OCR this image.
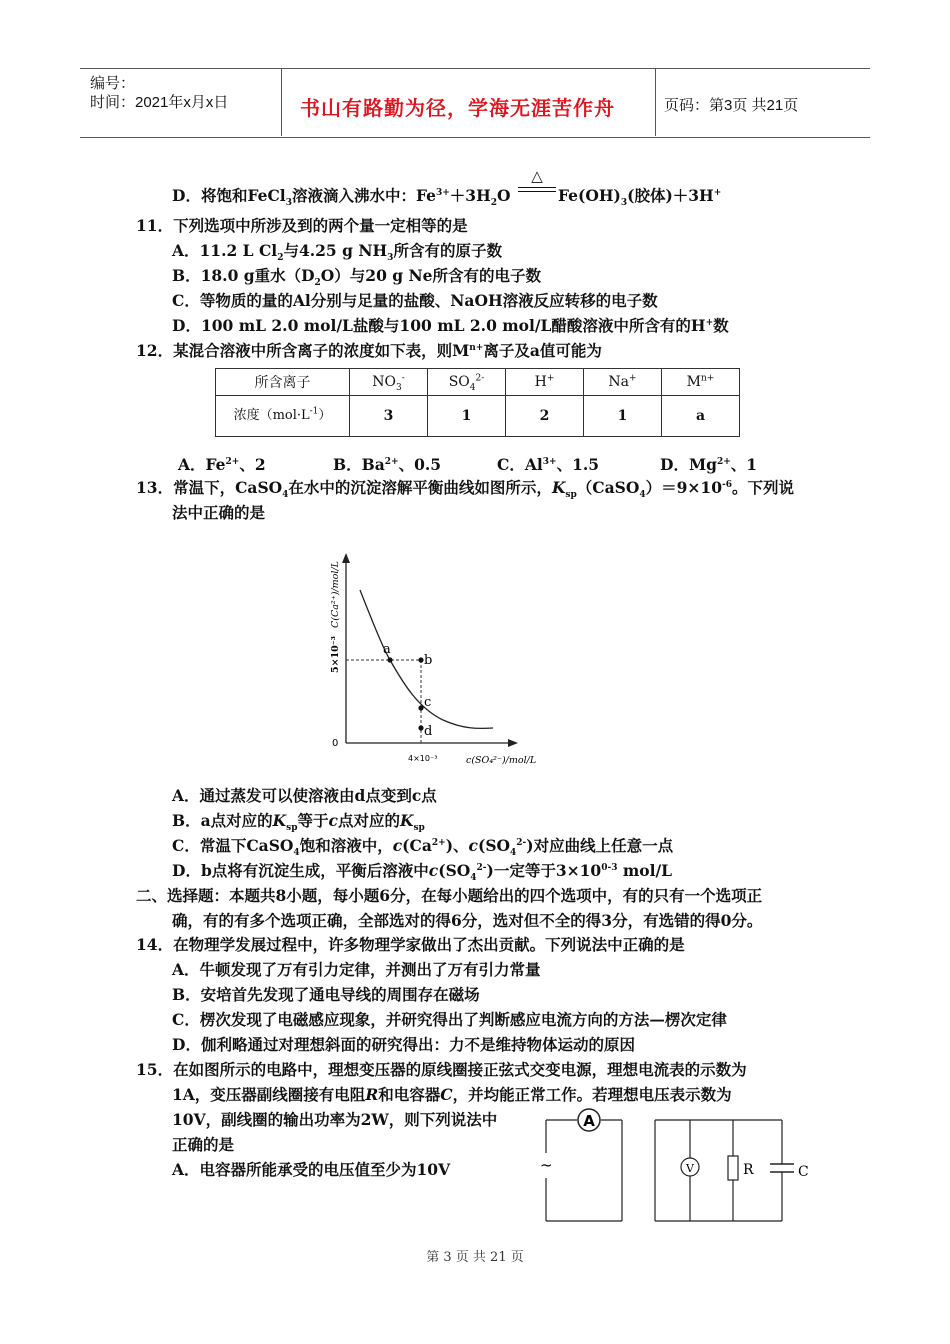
编号：
时间：2021年x月x日	书山有路勤为径，学海无涯苦作舟	页码：第3页 共21页
D．将饱和FeCl$_3$溶液滴入沸水中：$Fe^{3+}+3H_2O$
△
$Fe(OH)_3$(胶体)＋3H+
11．下列选项中所涉及到的两个量一定相等的是
A．11.2 L $Cl_2$与4.25 g $NH_3$所含有的原子数
B．18.0 g重水$(D_2O)$与20 g Ne所含有的电子数
C．等物质的量的Al分别与足量的盐酸、NaOH溶液反应转移的电子数
D．100 mL 2.0 mol/L盐酸与100 mL 2.0 mol/L醋酸溶液中所含有的H+数
12．某混合溶液中所含离子的浓度如下表，则$M^{n+}$离子及a值可能为
所含离子	$NO_3^-$	$SO_4^{2-}$	H+	Na+	$M^{n+}$
浓度$(mol\cdot L^{-1})$	3	1	2	1	a
A．$Fe^{2+}$、2	B．$Ba^{2+}$、0.5	C．$Al^{3+}$、1.5	D．$Mg^{2+}$、1
13．常温下，CaSO$_4$在水中的沉淀溶解平衡曲线如图所示，$K_{sp}(CaSO_4)=9\times 10^{-6}$。下列说
法中正确的是
a
b
c
d
0
4×10⁻³	c(SO₄²⁻)/mol/L
5×10⁻³
C(Ca²⁺)/mol/L
A．通过蒸发可以使溶液由d点变到c点
B．a点对应的$K_{sp}$等于c点对应的$K_{sp}$
C．常温下CaSO$_4$饱和溶液中，$c(Ca^{2+})$、$c(SO_4^{2-})$对应曲线上任意一点
D．b点将有沉淀生成，平衡后溶液中$c(SO_4^{2-})$一定等于$3\times 10^{0-3}$ mol/L
二、选择题：本题共8小题，每小题6分，在每小题给出的四个选项中，有的只有一个选项正
确，有的有多个选项正确，全部选对的得6分，选对但不全的得3分，有选错的得0分。
14．在物理学发展过程中，许多物理学家做出了杰出贡献。下列说法中正确的是
A．牛顿发现了万有引力定律，并测出了万有引力常量
B．安培首先发现了通电导线的周围存在磁场
C．楞次发现了电磁感应现象，并研究得出了判断感应电流方向的方法—楞次定律
D．伽利略通过对理想斜面的研究得出：力不是维持物体运动的原因
15．在如图所示的电路中，理想变压器的原线圈接正弦式交变电源，理想电流表的示数为
1A，变压器副线圈接有电阻R和电容器C，并均能正常工作。若理想电压表示数为
10V，副线圈的输出功率为2W，则下列说法中
正确的是
A．电容器所能承受的电压值至少为10V
A
~	V	R	C
第 3 页 共 21 页
